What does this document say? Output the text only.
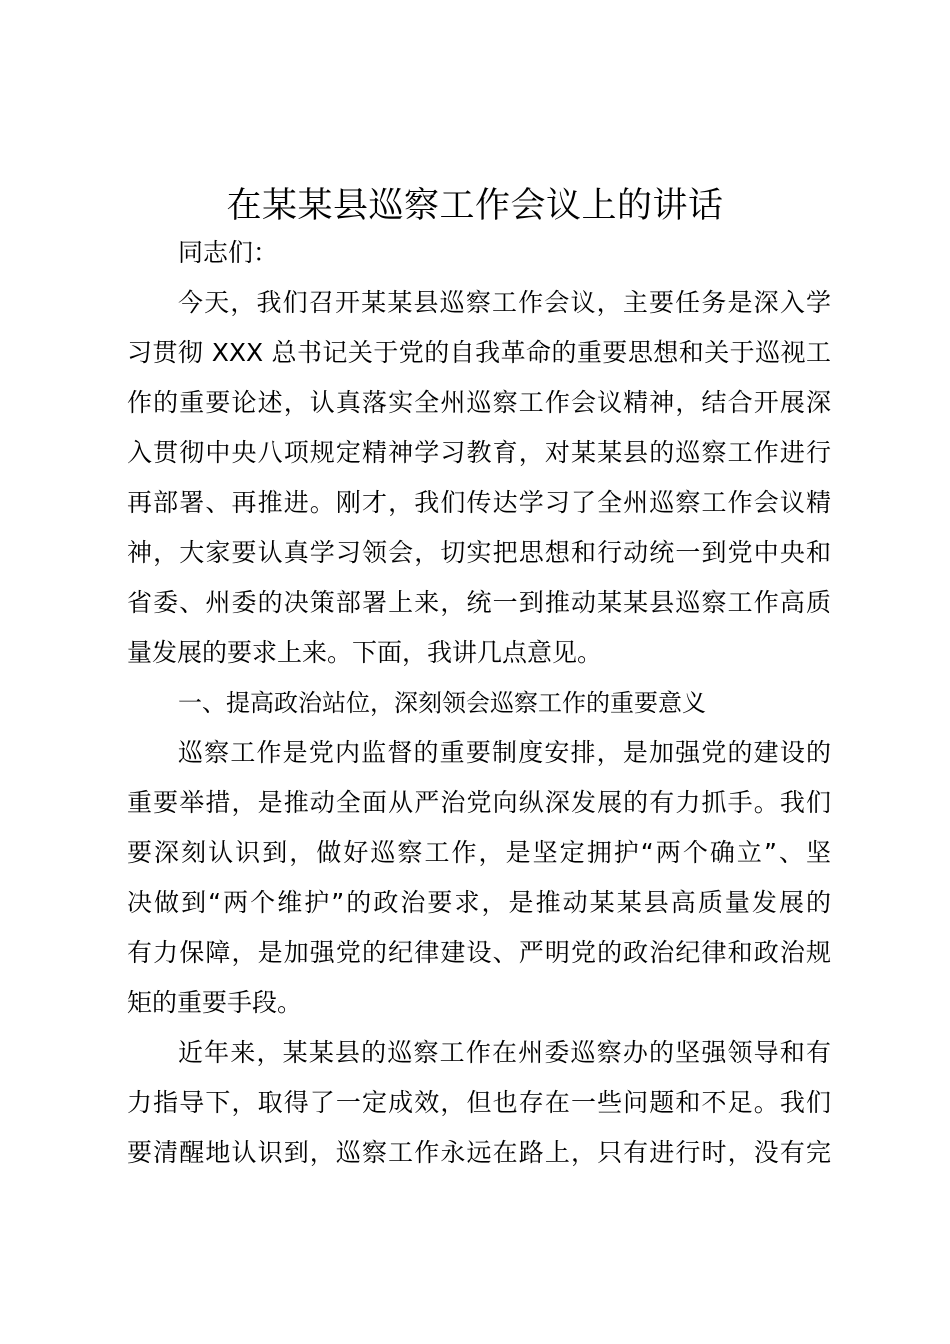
在某某县巡察工作会议上的讲话
同志们：
今天，我们召开某某县巡察工作会议，主要任务是深入学
习贯彻 XXX 总书记关于党的自我革命的重要思想和关于巡视工
作的重要论述，认真落实全州巡察工作会议精神，结合开展深
入贯彻中央八项规定精神学习教育，对某某县的巡察工作进行
再部署、再推进。刚才，我们传达学习了全州巡察工作会议精
神，大家要认真学习领会，切实把思想和行动统一到党中央和
省委、州委的决策部署上来，统一到推动某某县巡察工作高质
量发展的要求上来。下面，我讲几点意见。
一、提高政治站位，深刻领会巡察工作的重要意义
巡察工作是党内监督的重要制度安排，是加强党的建设的
重要举措，是推动全面从严治党向纵深发展的有力抓手。我们
要深刻认识到，做好巡察工作，是坚定拥护“两个确立”、坚
决做到“两个维护”的政治要求，是推动某某县高质量发展的
有力保障，是加强党的纪律建设、严明党的政治纪律和政治规
矩的重要手段。
近年来，某某县的巡察工作在州委巡察办的坚强领导和有
力指导下，取得了一定成效，但也存在一些问题和不足。我们
要清醒地认识到，巡察工作永远在路上，只有进行时，没有完
